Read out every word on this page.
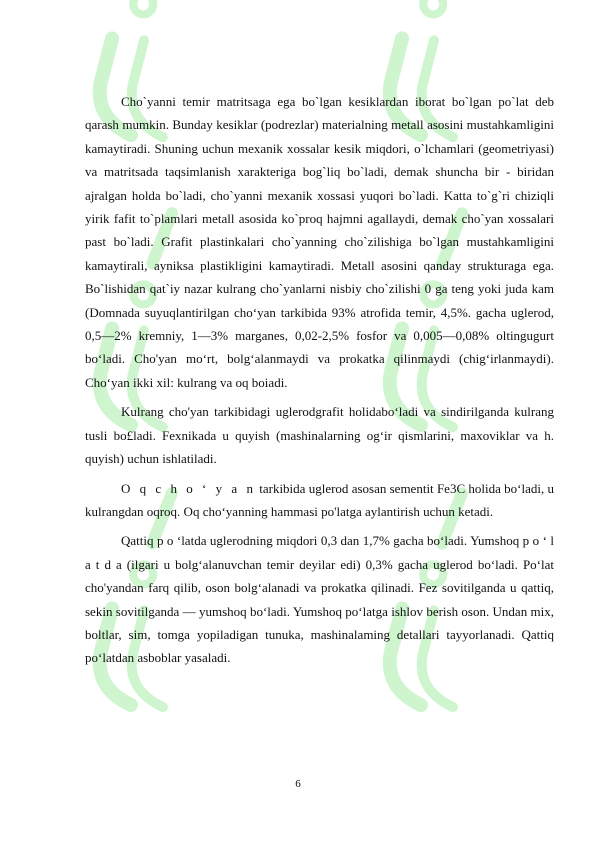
Cho`yanni temir matritsaga ega bo`lgan kesiklardan iborat bo`lgan po`lat deb qarash mumkin. Bunday kesiklar (podrezlar) materialning metall asosini mustahkamligini kamaytiradi. Shuning uchun mexanik xossalar kesik miqdori, o`lchamlari (geometriyasi) va matritsada taqsimlanish xarakteriga bog`liq bo`ladi, demak shuncha bir - biridan ajralgan holda bo`ladi, cho`yanni mexanik xossasi yuqori bo`ladi. Katta to`g`ri chiziqli yirik fafit to`plamlari metall asosida ko`proq hajmni agallaydi, demak cho`yan xossalari past bo`ladi. Grafit plastinkalari cho`yanning cho`zilishiga bo`lgan mustahkamligini kamaytirali, ayniksa plastikligini kamaytiradi. Metall asosini qanday strukturaga ega. Bo`lishidan qat`iy nazar kulrang cho`yanlarni nisbiy cho`zilishi 0 ga teng yoki juda kam (Domnada suyuqlantirilgan cho‘yan tarkibida 93% atrofida temir, 4,5%. gacha uglerod, 0,5—2% kremniy, 1—3% marganes, 0,02-2,5% fosfor va 0,005—0,08% oltingugurt bo‘ladi. Cho'yan mo‘rt, bolg‘alanmaydi va prokatka qilinmaydi (chig‘irlanmaydi). Cho‘yan ikki xil: kulrang va oq boiadi.

Kulrang cho'yan tarkibidagi uglerodgrafit holidabo‘ladi va sindirilganda kulrang tusli bo£ladi. Fexnikada u quyish (mashinalarning og‘ir qismlarini, maxoviklar va h. quyish) uchun ishlatiladi.

O q c h o ‘ y a n tarkibida uglerod asosan sementit Fe3C holida bo‘ladi, u kulrangdan oqroq. Oq cho‘yanning hammasi po'latga aylantirish uchun ketadi.

Qattiq p o ‘latda uglerodning miqdori 0,3 dan 1,7% gacha bo‘ladi. Yumshoq p o ‘ l a t d a (ilgari u bolg‘alanuvchan temir deyilar edi) 0,3% gacha uglerod bo‘ladi. Po‘lat cho'yandan farq qilib, oson bolg‘alanadi va prokatka qilinadi. Fez sovitilganda u qattiq, sekin sovitilganda — yumshoq bo‘ladi. Yumshoq po‘latga ishlov berish oson. Undan mix, boltlar, sim, tomga yopiladigan tunuka, mashinalaming detallari tayyorlanadi. Qattiq po‘latdan asboblar yasaladi.

6
